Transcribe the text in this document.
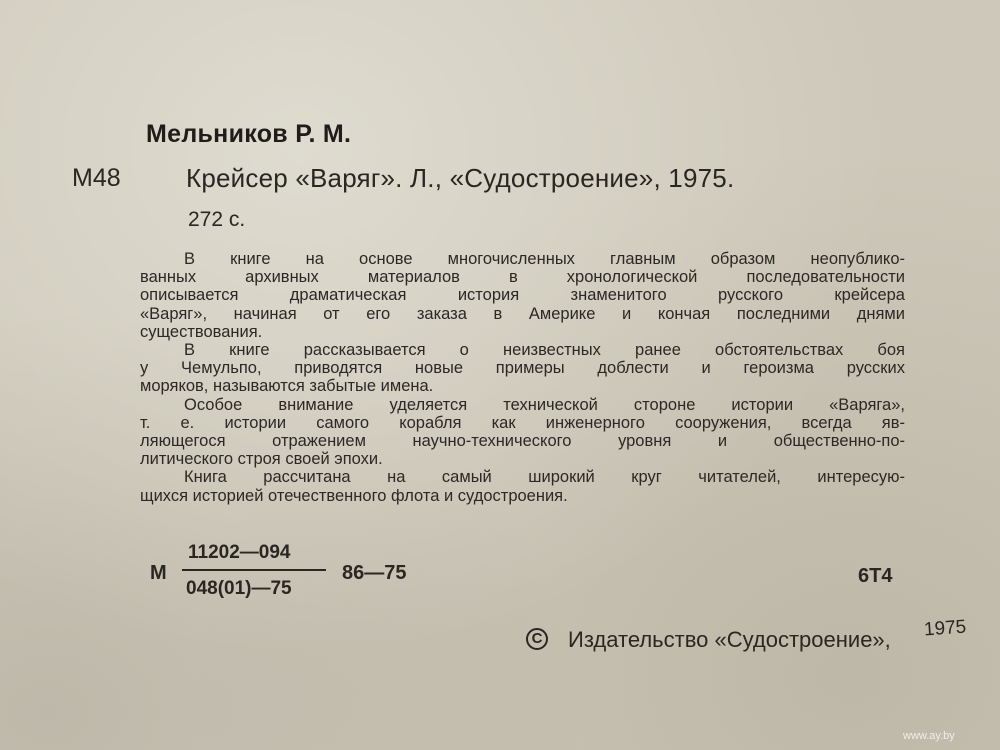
Мельников Р. М.
М48	Крейсер «Варяг». Л., «Судостроение», 1975.
272 с.

В книге на основе многочисленных главным образом неопублико-
ванных архивных материалов в хронологической последовательности
описывается драматическая история знаменитого русского крейсера
«Варяг», начиная от его заказа в Америке и кончая последними днями
существования.

В книге рассказывается о неизвестных ранее обстоятельствах боя
у Чемульпо, приводятся новые примеры доблести и героизма русских
моряков, называются забытые имена.

Особое внимание уделяется технической стороне истории «Варяга»,
т. е. истории самого корабля как инженерного сооружения, всегда яв-
ляющегося отражением научно-технического уровня и общественно-по-
литического строя своей эпохи.

Книга рассчитана на самый широкий круг читателей, интересую-
щихся историей отечественного флота и судостроения.

М
11202—094
048(01)—75
86—75	6Т4
C Издательство «Судостроение», 1975
www.ay.by
